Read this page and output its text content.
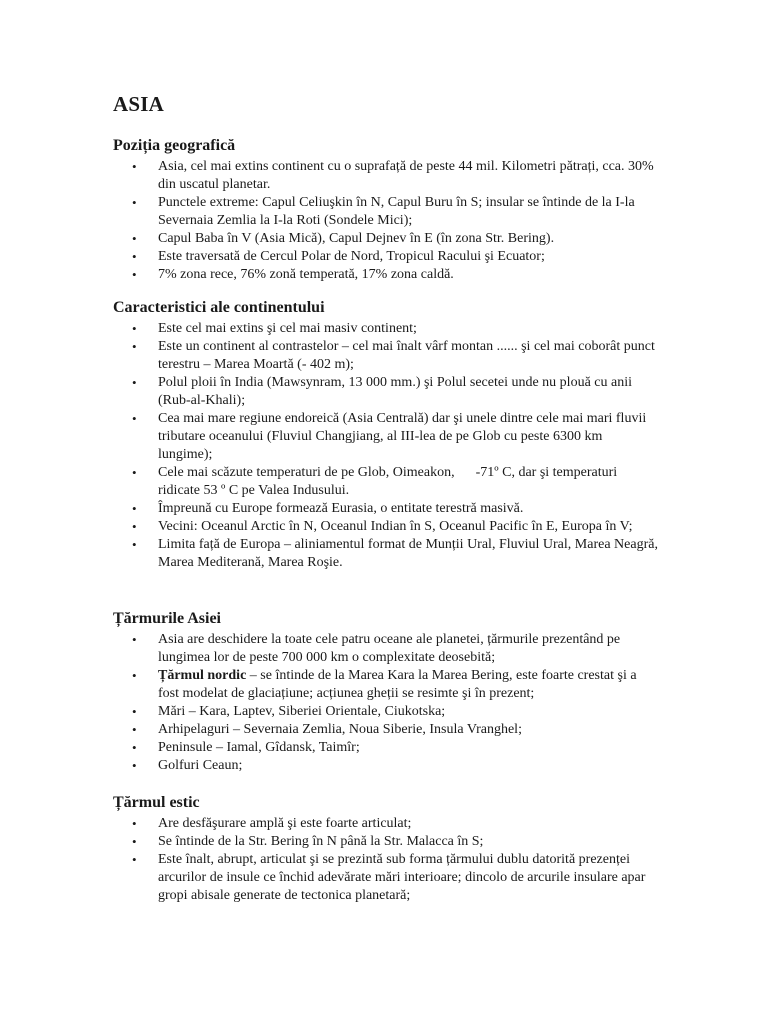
ASIA
Poziția geografică
• Asia, cel mai extins continent cu o suprafață de peste 44 mil. Kilometri pătrați, cca. 30% din uscatul planetar.
• Punctele extreme: Capul Celiuşkin în N, Capul Buru în S; insular se întinde de la I-la Severnaia Zemlia la I-la Roti (Sondele Mici);
• Capul Baba în V (Asia Mică), Capul Dejnev în E (în zona Str. Bering).
• Este traversată de Cercul Polar de Nord, Tropicul Racului şi Ecuator;
• 7% zona rece, 76% zonă temperată, 17% zona caldă.
Caracteristici ale continentului
• Este cel mai extins şi cel mai masiv continent;
• Este un continent al contrastelor – cel mai înalt vârf montan ...... şi cel mai coborât punct terestru – Marea Moartă (- 402 m);
• Polul ploii în India (Mawsynram, 13 000 mm.) şi Polul secetei unde nu plouă cu anii (Rub-al-Khali);
• Cea mai mare regiune endoreică (Asia Centrală) dar şi unele dintre cele mai mari fluvii tributare oceanului (Fluviul Changjiang, al III-lea de pe Glob cu peste 6300 km lungime);
• Cele mai scăzute temperaturi de pe Glob, Oimeakon,      -71º C, dar şi temperaturi ridicate 53 º C pe Valea Indusului.
• Împreună cu Europe formează Eurasia, o entitate terestră masivă.
• Vecini: Oceanul Arctic în N, Oceanul Indian în S, Oceanul Pacific în E, Europa în V;
• Limita față de Europa – aliniamentul format de Munții Ural, Fluviul Ural, Marea Neagră, Marea Mediterană, Marea Roşie.
Țărmurile Asiei
• Asia are deschidere la toate cele patru oceane ale planetei, țărmurile prezentând pe lungimea lor de peste 700 000 km o complexitate deosebită;
• Țărmul nordic – se întinde de la Marea Kara la Marea Bering, este foarte crestat şi a fost modelat de glaciațiune; acțiunea gheții se resimte şi în prezent;
• Mări – Kara, Laptev, Siberiei Orientale, Ciukotska;
• Arhipelaguri – Severnaia Zemlia, Noua Siberie, Insula Vranghel;
• Peninsule – Iamal, Gîdansk, Taimîr;
• Golfuri Ceaun;
Țărmul estic
• Are desfăşurare amplă şi este foarte articulat;
• Se întinde de la Str. Bering în N până la Str. Malacca în S;
• Este înalt, abrupt, articulat şi se prezintă sub forma țărmului dublu datorită prezenței arcurilor de insule ce închid adevărate mări interioare; dincolo de arcurile insulare apar gropi abisale generate de tectonica planetară;
